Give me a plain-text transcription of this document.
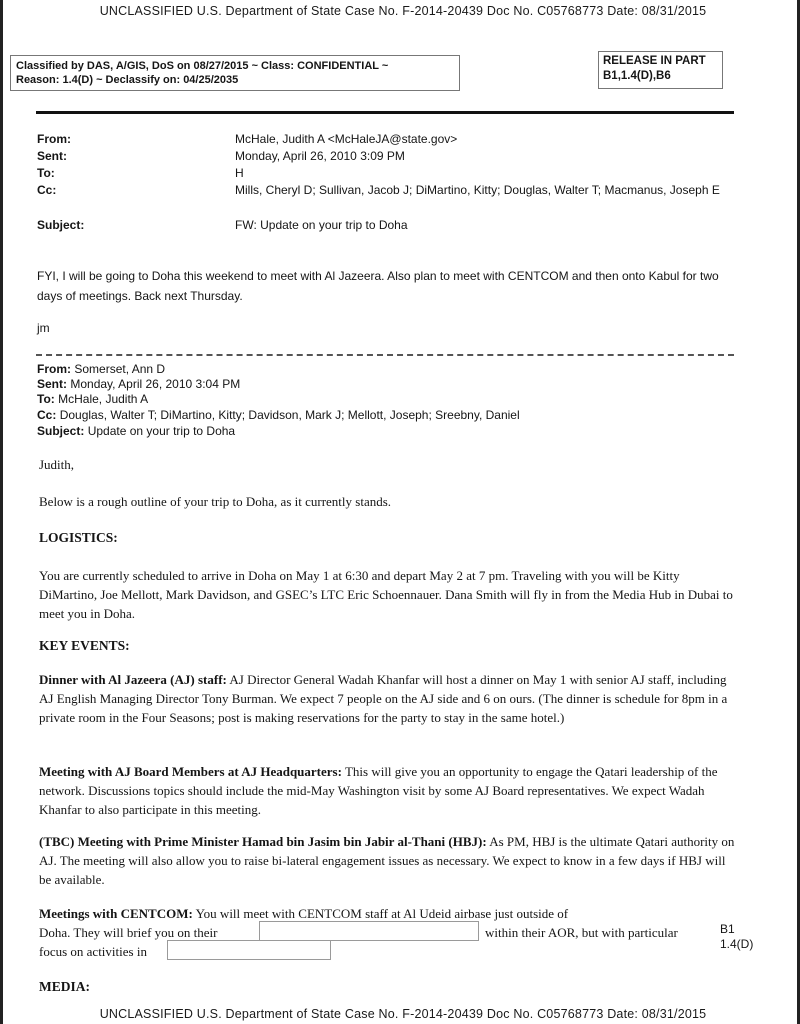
UNCLASSIFIED U.S. Department of State Case No. F-2014-20439 Doc No. C05768773 Date: 08/31/2015
Classified by DAS, A/GIS, DoS on 08/27/2015 ~ Class: CONFIDENTIAL ~
Reason: 1.4(D) ~ Declassify on: 04/25/2035
RELEASE IN PART
B1,1.4(D),B6
From:	McHale, Judith A <McHaleJA@state.gov>
Sent:	Monday, April 26, 2010 3:09 PM
To:	H
Cc:	Mills, Cheryl D; Sullivan, Jacob J; DiMartino, Kitty; Douglas, Walter T; Macmanus, Joseph E
Subject:	FW: Update on your trip to Doha
FYI, I will be going to Doha this weekend to meet with Al Jazeera. Also plan to meet with CENTCOM and then onto Kabul for two days of meetings. Back next Thursday.
jm
From: Somerset, Ann D
Sent: Monday, April 26, 2010 3:04 PM
To: McHale, Judith A
Cc: Douglas, Walter T; DiMartino, Kitty; Davidson, Mark J; Mellott, Joseph; Sreebny, Daniel
Subject: Update on your trip to Doha
Judith,
Below is a rough outline of your trip to Doha, as it currently stands.
LOGISTICS:
You are currently scheduled to arrive in Doha on May 1 at 6:30 and depart May 2 at 7 pm. Traveling with you will be Kitty DiMartino, Joe Mellott, Mark Davidson, and GSEC’s LTC Eric Schoennauer. Dana Smith will fly in from the Media Hub in Dubai to meet you in Doha.
KEY EVENTS:
Dinner with Al Jazeera (AJ) staff: AJ Director General Wadah Khanfar will host a dinner on May 1 with senior AJ staff, including AJ English Managing Director Tony Burman. We expect 7 people on the AJ side and 6 on ours. (The dinner is schedule for 8pm in a private room in the Four Seasons; post is making reservations for the party to stay in the same hotel.)
Meeting with AJ Board Members at AJ Headquarters: This will give you an opportunity to engage the Qatari leadership of the network. Discussions topics should include the mid-May Washington visit by some AJ Board representatives. We expect Wadah Khanfar to also participate in this meeting.
(TBC) Meeting with Prime Minister Hamad bin Jasim bin Jabir al-Thani (HBJ): As PM, HBJ is the ultimate Qatari authority on AJ. The meeting will also allow you to raise bi-lateral engagement issues as necessary. We expect to know in a few days if HBJ will be available.
Meetings with CENTCOM: You will meet with CENTCOM staff at Al Udeid airbase just outside of
Doha. They will brief you on their	within their AOR, but with particular
focus on activities in
B1
1.4(D)
MEDIA:
UNCLASSIFIED U.S. Department of State Case No. F-2014-20439 Doc No. C05768773 Date: 08/31/2015
